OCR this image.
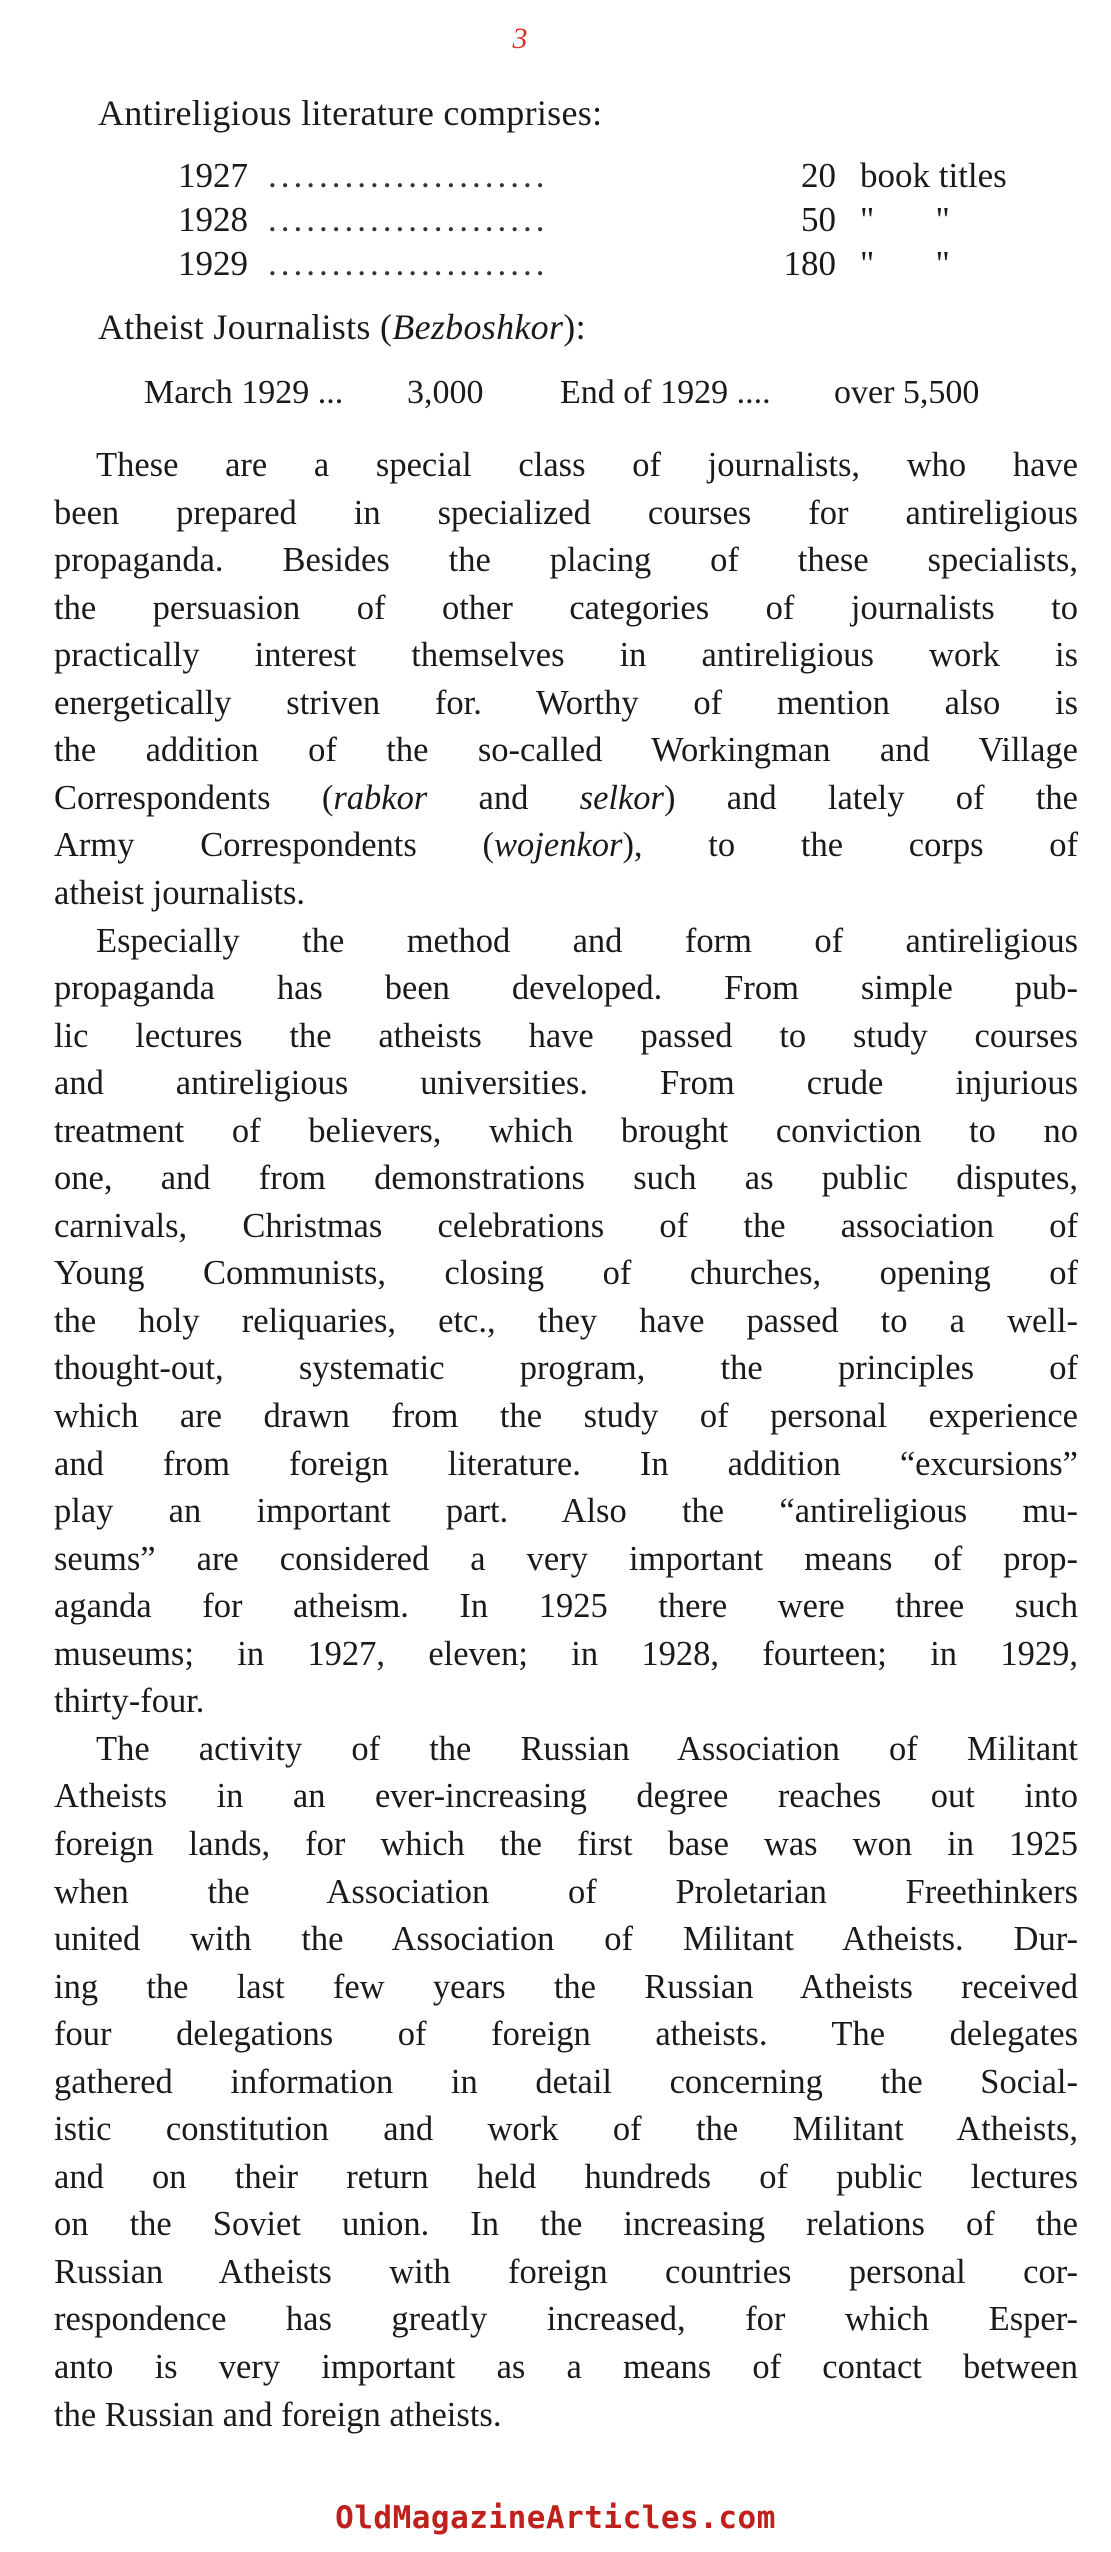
3
Antireligious literature comprises:
1927 ......................	20 book titles
1928 ......................	50 "       "
1929 ......................	180 "       "
Atheist Journalists (Bezboshkor):
March 1929 ... 3,000 End of 1929 .... over 5,500
These are a special class of journalists, who have
been prepared in specialized courses for antireligious
propaganda. Besides the placing of these specialists,
the persuasion of other categories of journalists to
practically interest themselves in antireligious work is
energetically striven for. Worthy of mention also is
the addition of the so-called Workingman and Village
Correspondents (rabkor and selkor) and lately of the
Army Correspondents (wojenkor), to the corps of
atheist journalists.
Especially the method and form of antireligious
propaganda has been developed. From simple pub-
lic lectures the atheists have passed to study courses
and antireligious universities. From crude injurious
treatment of believers, which brought conviction to no
one, and from demonstrations such as public disputes,
carnivals, Christmas celebrations of the association of
Young Communists, closing of churches, opening of
the holy reliquaries, etc., they have passed to a well-
thought-out, systematic program, the principles of
which are drawn from the study of personal experience
and from foreign literature. In addition “excursions”
play an important part. Also the “antireligious mu-
seums” are considered a very important means of prop-
aganda for atheism. In 1925 there were three such
museums; in 1927, eleven; in 1928, fourteen; in 1929,
thirty-four.
The activity of the Russian Association of Militant
Atheists in an ever-increasing degree reaches out into
foreign lands, for which the first base was won in 1925
when the Association of Proletarian Freethinkers
united with the Association of Militant Atheists. Dur-
ing the last few years the Russian Atheists received
four delegations of foreign atheists. The delegates
gathered information in detail concerning the Social-
istic constitution and work of the Militant Atheists,
and on their return held hundreds of public lectures
on the Soviet union. In the increasing relations of the
Russian Atheists with foreign countries personal cor-
respondence has greatly increased, for which Esper-
anto is very important as a means of contact between
the Russian and foreign atheists.
OldMagazineArticles.com
